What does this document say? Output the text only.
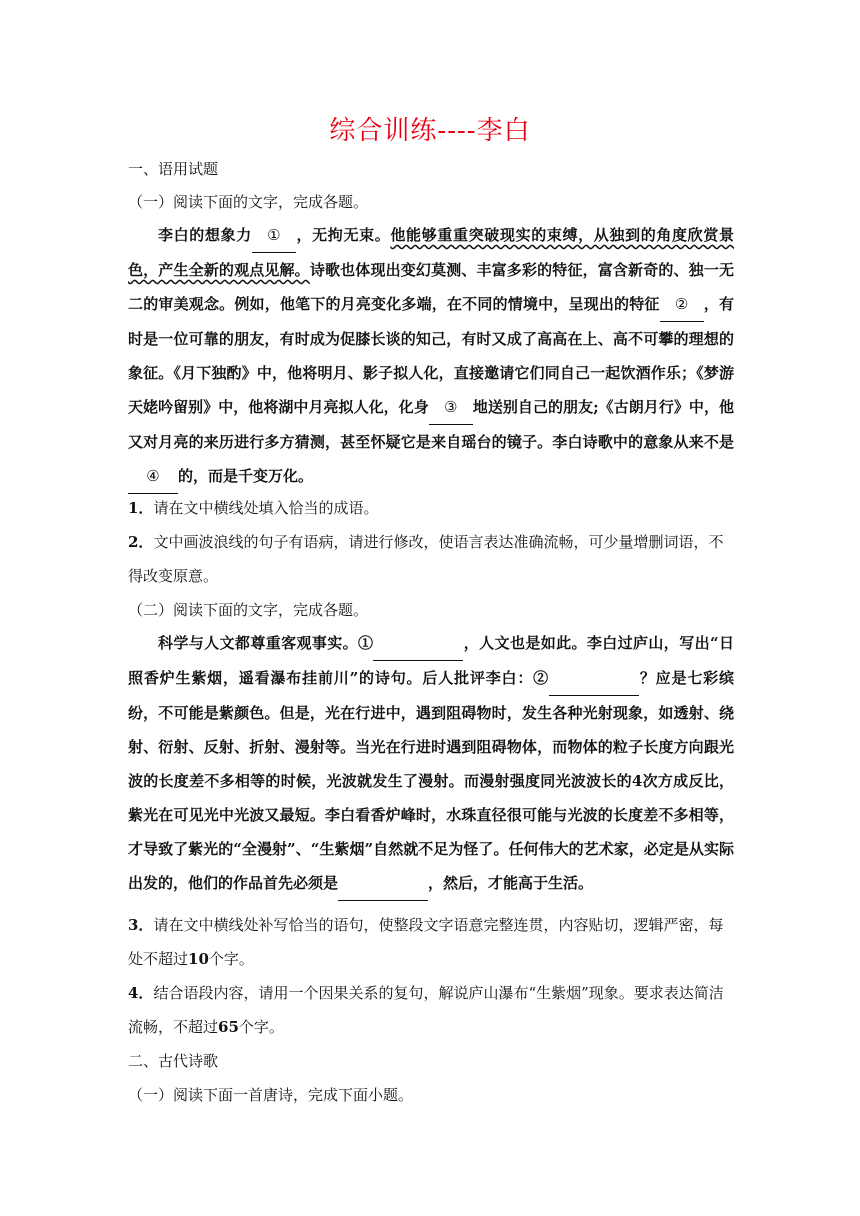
综合训练----李白
一、语用试题
（一）阅读下面的文字，完成各题。

李白的想象力 ① ，无拘无束。他能够重重突破现实的束缚，从独到的角度欣赏景色，产生全新的观点见解。诗歌也体现出变幻莫测、丰富多彩的特征，富含新奇的、独一无二的审美观念。例如，他笔下的月亮变化多端，在不同的情境中，呈现出的特征 ② ，有时是一位可靠的朋友，有时成为促膝长谈的知己，有时又成了高高在上、高不可攀的理想的象征。《月下独酌》中，他将明月、影子拟人化，直接邀请它们同自己一起饮酒作乐；《梦游天姥吟留别》中，他将湖中月亮拟人化，化身 ③ 地送别自己的朋友;《古朗月行》中，他又对月亮的来历进行多方猜测，甚至怀疑它是来自瑶台的镜子。李白诗歌中的意象从来不是④ 的，而是千变万化。

1．请在文中横线处填入恰当的成语。
2．文中画波浪线的句子有语病，请进行修改，使语言表达准确流畅，可少量增删词语，不得改变原意。
（二）阅读下面的文字，完成各题。

科学与人文都尊重客观事实。①	，人文也是如此。李白过庐山，写出“日照香炉生紫烟，遥看瀑布挂前川”的诗句。后人批评李白：②	？应是七彩缤纷，不可能是紫颜色。但是，光在行进中，遇到阻碍物时，发生各种光射现象，如透射、绕射、衍射、反射、折射、漫射等。当光在行进时遇到阻碍物体，而物体的粒子长度方向跟光波的长度差不多相等的时候，光波就发生了漫射。而漫射强度同光波波长的4次方成反比，紫光在可见光中光波又最短。李白看香炉峰时，水珠直径很可能与光波的长度差不多相等，才导致了紫光的“全漫射”、“生紫烟”自然就不足为怪了。任何伟大的艺术家，必定是从实际出发的，他们的作品首先必须是	，然后，才能高于生活。

3．请在文中横线处补写恰当的语句，使整段文字语意完整连贯，内容贴切，逻辑严密，每处不超过10个字。
4．结合语段内容，请用一个因果关系的复句，解说庐山瀑布“生紫烟”现象。要求表达简洁流畅，不超过65个字。
二、古代诗歌
（一）阅读下面一首唐诗，完成下面小题。
